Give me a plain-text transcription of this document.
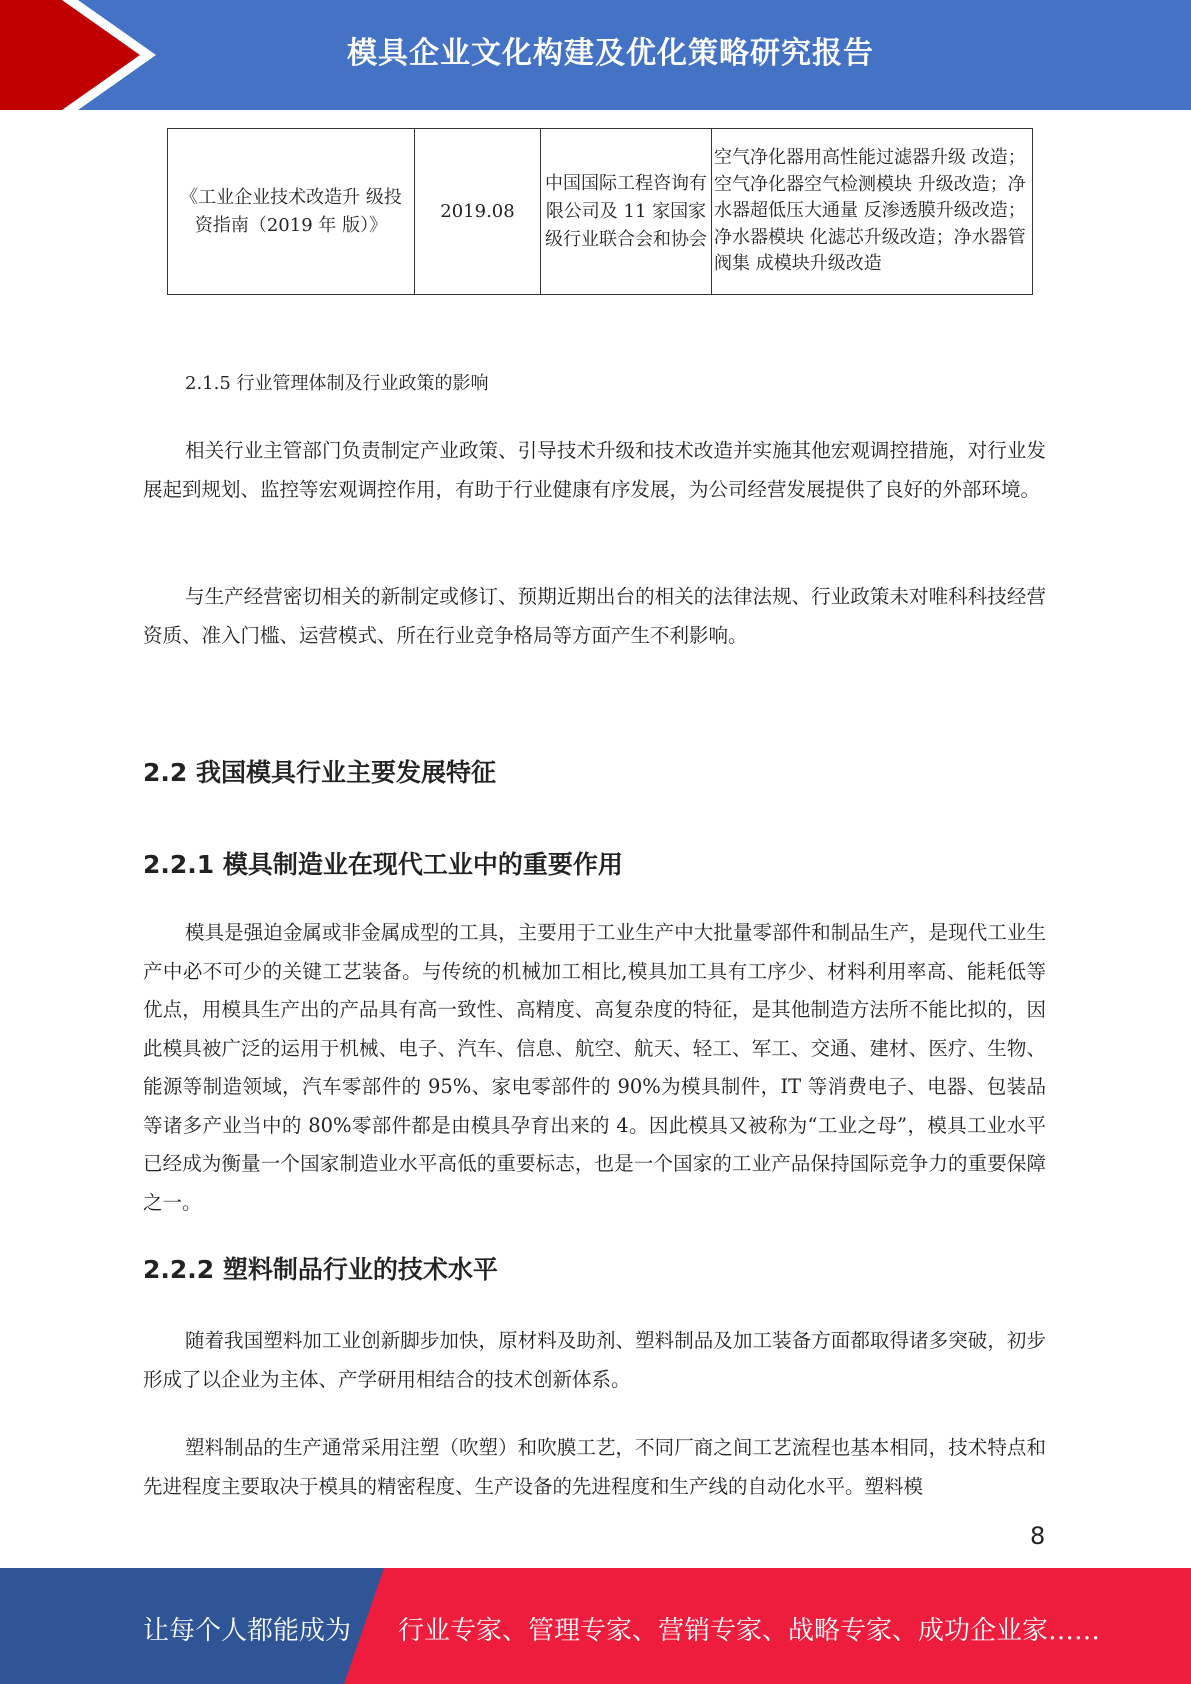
模具企业文化构建及优化策略研究报告
《工业企业技术改造升 级投资指南（2019 年 版）》	2019.08	中国国际工程咨询有限公司及 11 家国家级行业联合会和协会	空气净化器用高性能过滤器升级 改造；空气净化器空气检测模块 升级改造；净水器超低压大通量 反渗透膜升级改造；净水器模块 化滤芯升级改造；净水器管阀集 成模块升级改造

2.1.5 行业管理体制及行业政策的影响

相关行业主管部门负责制定产业政策、引导技术升级和技术改造并实施其他宏观调控措施，对行业发展起到规划、监控等宏观调控作用，有助于行业健康有序发展，为公司经营发展提供了良好的外部环境。

与生产经营密切相关的新制定或修订、预期近期出台的相关的法律法规、行业政策未对唯科科技经营资质、准入门槛、运营模式、所在行业竞争格局等方面产生不利影响。

2.2 我国模具行业主要发展特征
2.2.1 模具制造业在现代工业中的重要作用

模具是强迫金属或非金属成型的工具，主要用于工业生产中大批量零部件和制品生产，是现代工业生产中必不可少的关键工艺装备。与传统的机械加工相比,模具加工具有工序少、材料利用率高、能耗低等优点，用模具生产出的产品具有高一致性、高精度、高复杂度的特征，是其他制造方法所不能比拟的，因此模具被广泛的运用于机械、电子、汽车、信息、航空、航天、轻工、军工、交通、建材、医疗、生物、能源等制造领域，汽车零部件的 95%、家电零部件的 90%为模具制件，IT 等消费电子、电器、包装品等诸多产业当中的 80%零部件都是由模具孕育出来的 4。因此模具又被称为“工业之母”，模具工业水平已经成为衡量一个国家制造业水平高低的重要标志，也是一个国家的工业产品保持国际竞争力的重要保障之一。

2.2.2 塑料制品行业的技术水平

随着我国塑料加工业创新脚步加快，原材料及助剂、塑料制品及加工装备方面都取得诸多突破，初步形成了以企业为主体、产学研用相结合的技术创新体系。

塑料制品的生产通常采用注塑（吹塑）和吹膜工艺，不同厂商之间工艺流程也基本相同，技术特点和先进程度主要取决于模具的精密程度、生产设备的先进程度和生产线的自动化水平。塑料模

8
让每个人都能成为 行业专家、管理专家、营销专家、战略专家、成功企业家……
